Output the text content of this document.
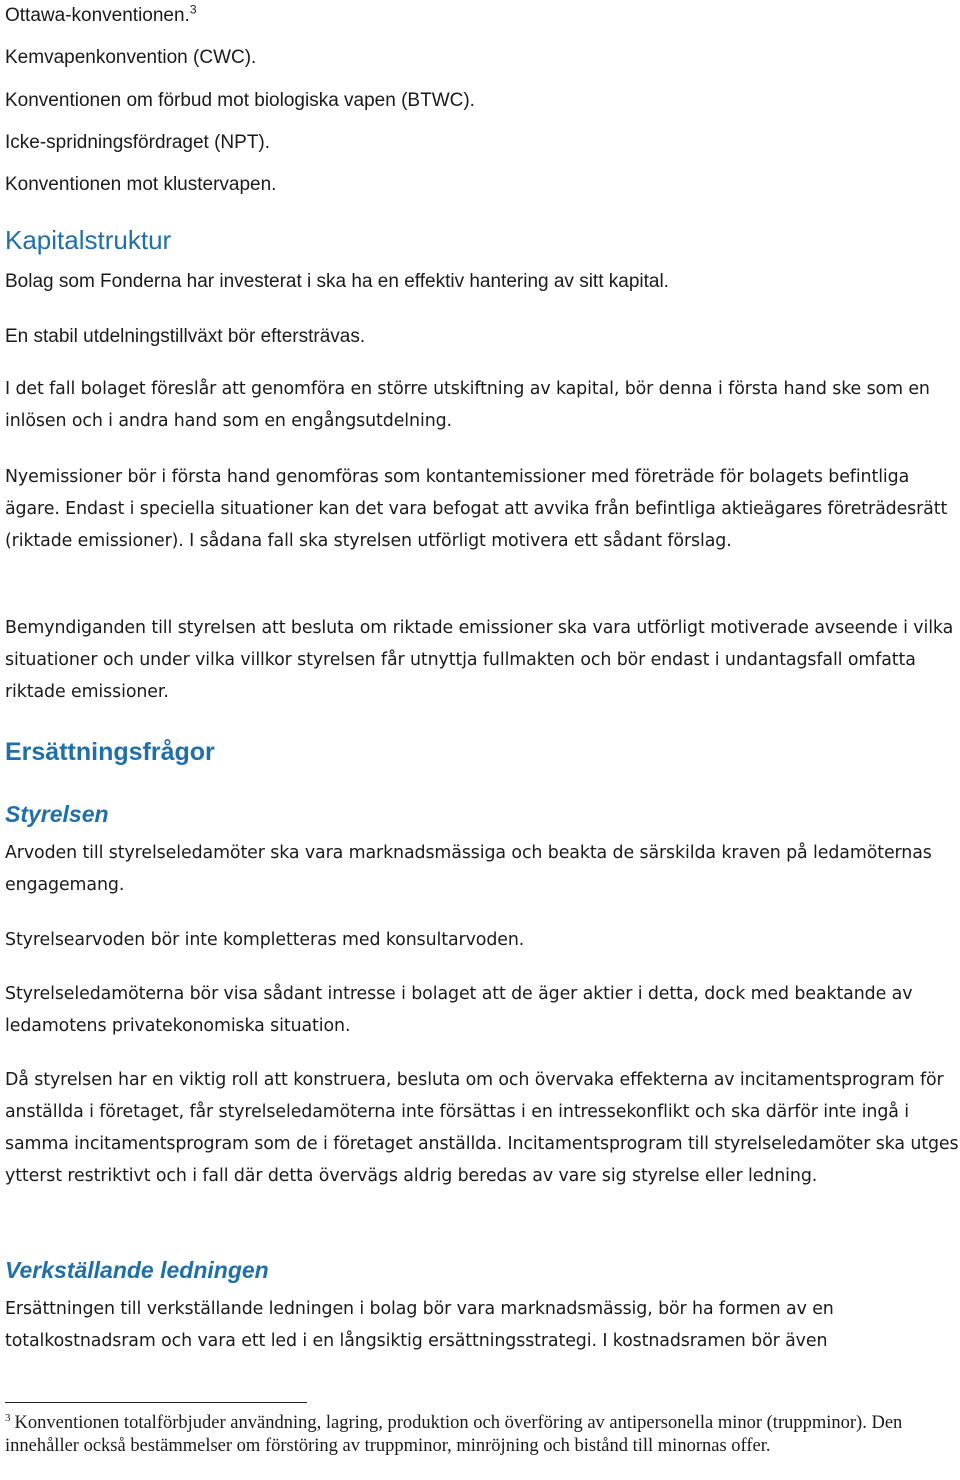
Ottawa-konventionen.$^3$
Kemvapenkonvention (CWC).
Konventionen om förbud mot biologiska vapen (BTWC).
Icke-spridningsfördraget (NPT).
Konventionen mot klustervapen.
Kapitalstruktur
Bolag som Fonderna har investerat i ska ha en effektiv hantering av sitt kapital.
En stabil utdelningstillväxt bör eftersträvas.
I det fall bolaget föreslår att genomföra en större utskiftning av kapital, bör denna i första hand ske som en inlösen och i andra hand som en engångsutdelning.
Nyemissioner bör i första hand genomföras som kontantemissioner med företräde för bolagets befintliga ägare. Endast i speciella situationer kan det vara befogat att avvika från befintliga aktieägares företrädesrätt (riktade emissioner). I sådana fall ska styrelsen utförligt motivera ett sådant förslag.
Bemyndiganden till styrelsen att besluta om riktade emissioner ska vara utförligt motiverade avseende i vilka situationer och under vilka villkor styrelsen får utnyttja fullmakten och bör endast i undantagsfall omfatta riktade emissioner.
Ersättningsfrågor
Styrelsen
Arvoden till styrelseledamöter ska vara marknadsmässiga och beakta de särskilda kraven på ledamöternas engagemang.
Styrelsearvoden bör inte kompletteras med konsultarvoden.
Styrelseledamöterna bör visa sådant intresse i bolaget att de äger aktier i detta, dock med beaktande av ledamotens privatekonomiska situation.
Då styrelsen har en viktig roll att konstruera, besluta om och övervaka effekterna av incitamentsprogram för anställda i företaget, får styrelseledamöterna inte försättas i en intressekonflikt och ska därför inte ingå i samma incitamentsprogram som de i företaget anställda. Incitamentsprogram till styrelseledamöter ska utges ytterst restriktivt och i fall där detta övervägs aldrig beredas av vare sig styrelse eller ledning.
Verkställande ledningen
Ersättningen till verkställande ledningen i bolag bör vara marknadsmässig, bör ha formen av en totalkostnadsram och vara ett led i en långsiktig ersättningsstrategi. I kostnadsramen bör även
$^3$ Konventionen totalförbjuder användning, lagring, produktion och överföring av antipersonella minor (truppminor). Den innehåller också bestämmelser om förstöring av truppminor, minröjning och bistånd till minornas offer.
